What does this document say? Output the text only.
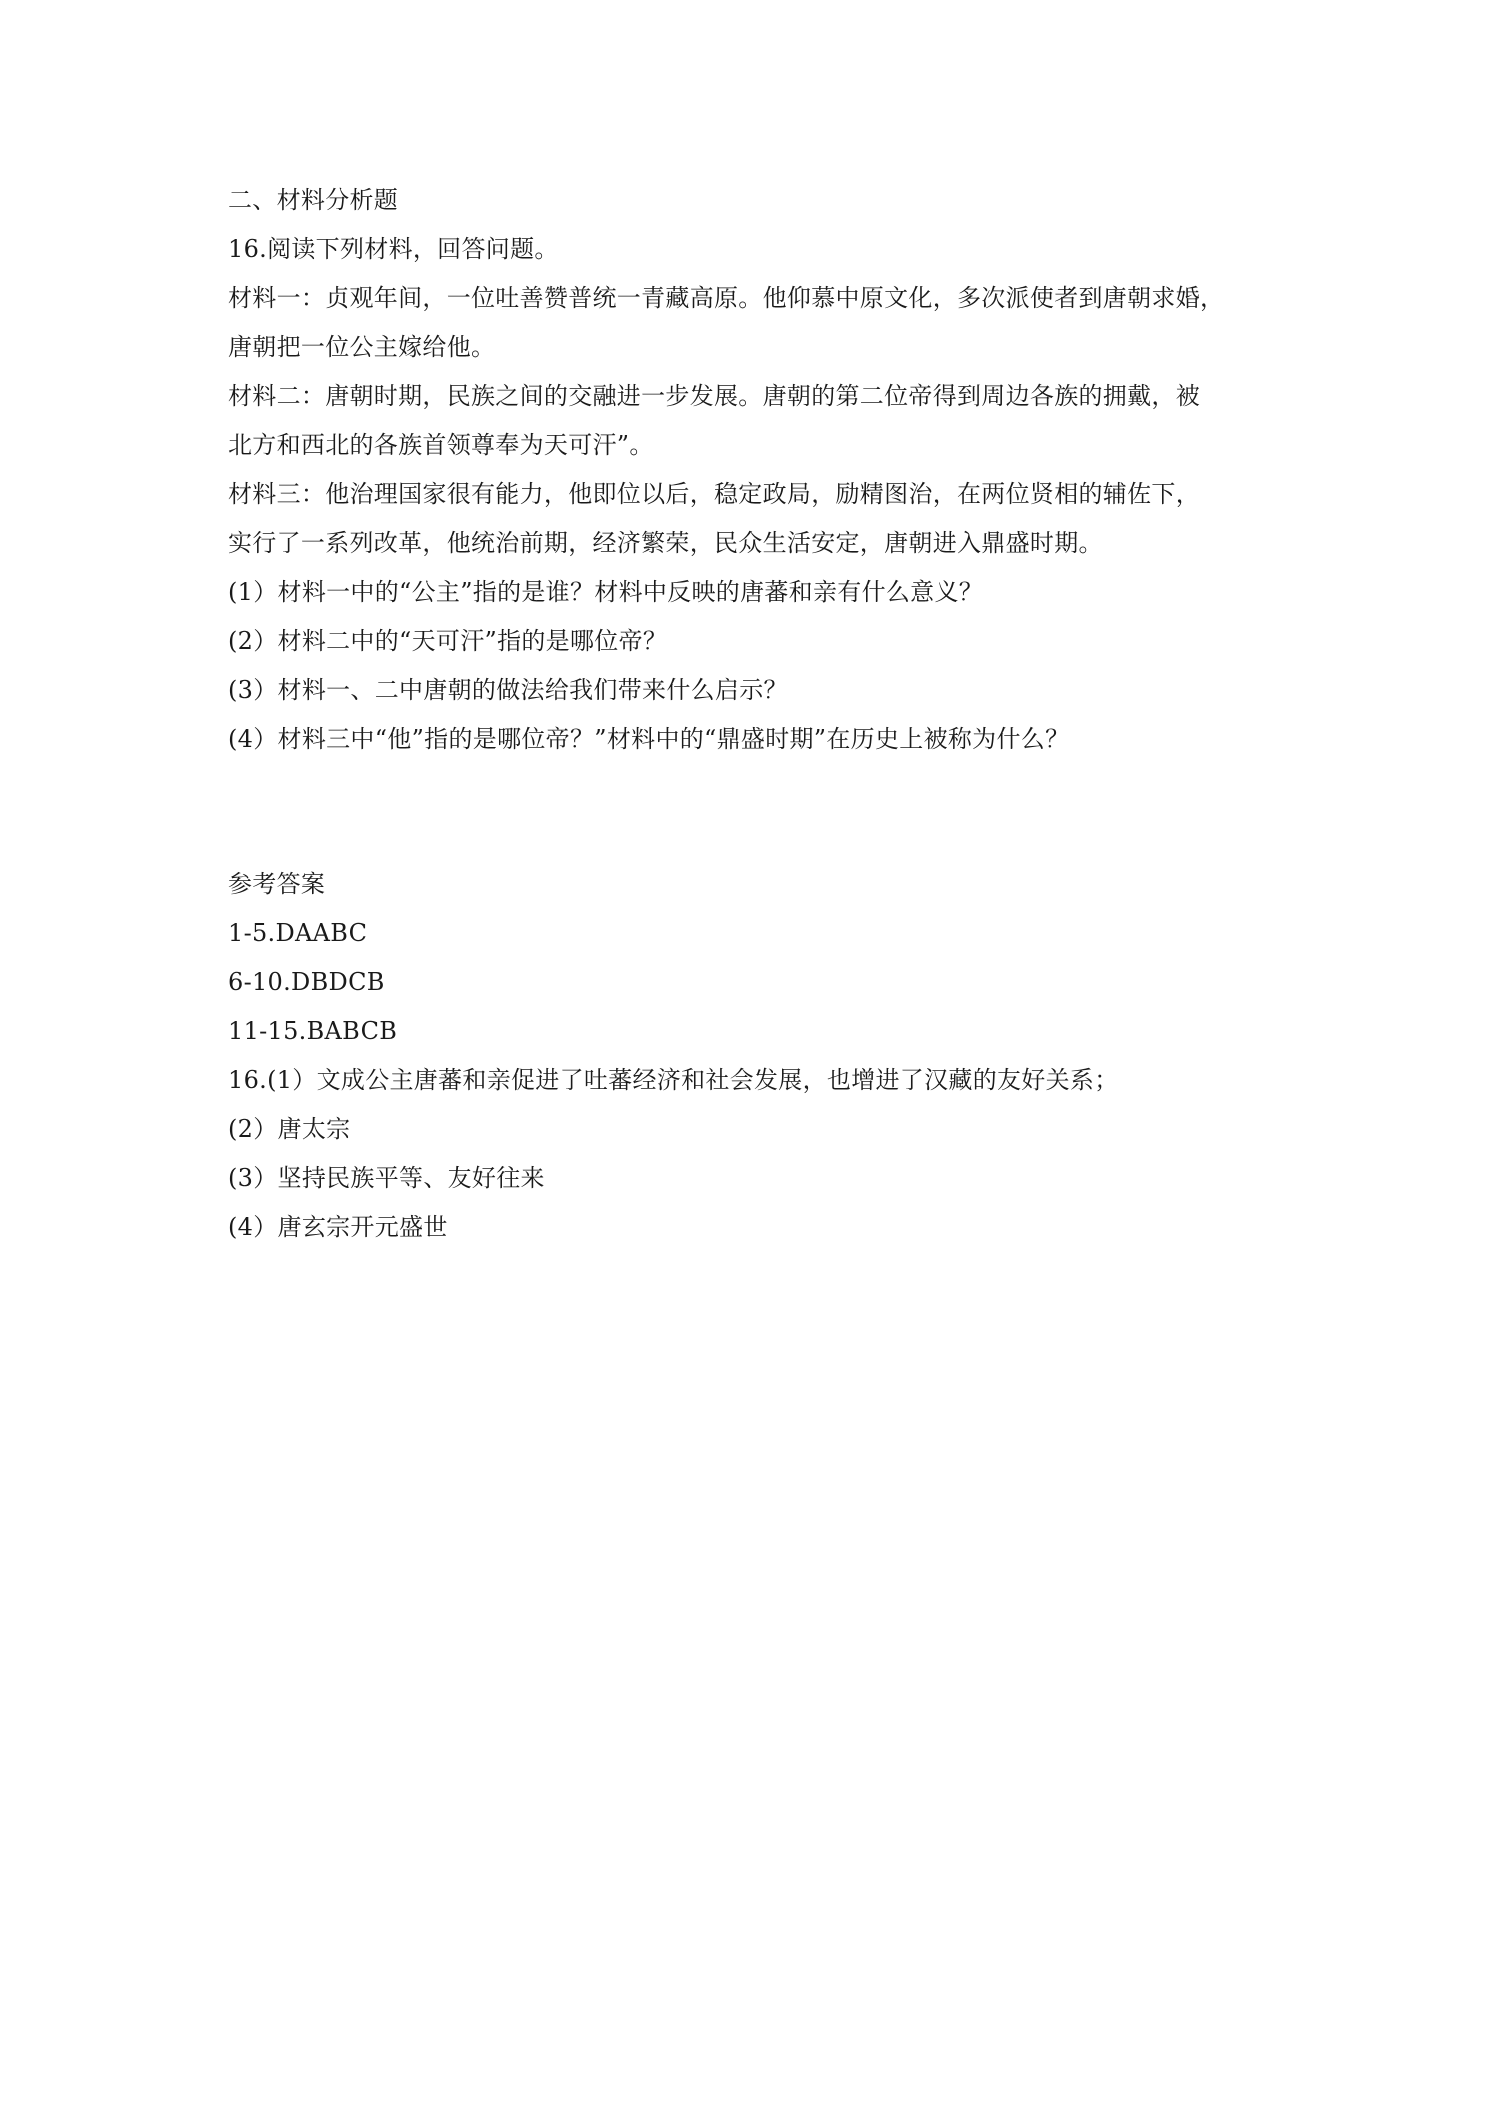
二、材料分析题
16.阅读下列材料，回答问题。
材料一：贞观年间，一位吐善赞普统一青藏高原。他仰慕中原文化，多次派使者到唐朝求婚，
唐朝把一位公主嫁给他。
材料二：唐朝时期，民族之间的交融进一步发展。唐朝的第二位帝得到周边各族的拥戴，被
北方和西北的各族首领尊奉为天可汗”。
材料三：他治理国家很有能力，他即位以后，稳定政局，励精图治，在两位贤相的辅佐下，
实行了一系列改革，他统治前期，经济繁荣，民众生活安定，唐朝进入鼎盛时期。
(1）材料一中的“公主”指的是谁？材料中反映的唐蕃和亲有什么意义？
(2）材料二中的“天可汗”指的是哪位帝？
(3）材料一、二中唐朝的做法给我们带来什么启示？
(4）材料三中“他”指的是哪位帝？”材料中的“鼎盛时期”在历史上被称为什么？
参考答案
1-5.DAABC
6-10.DBDCB
11-15.BABCB
16.(1）文成公主唐蕃和亲促进了吐蕃经济和社会发展，也增进了汉藏的友好关系；
(2）唐太宗
(3）坚持民族平等、友好往来
(4）唐玄宗开元盛世
